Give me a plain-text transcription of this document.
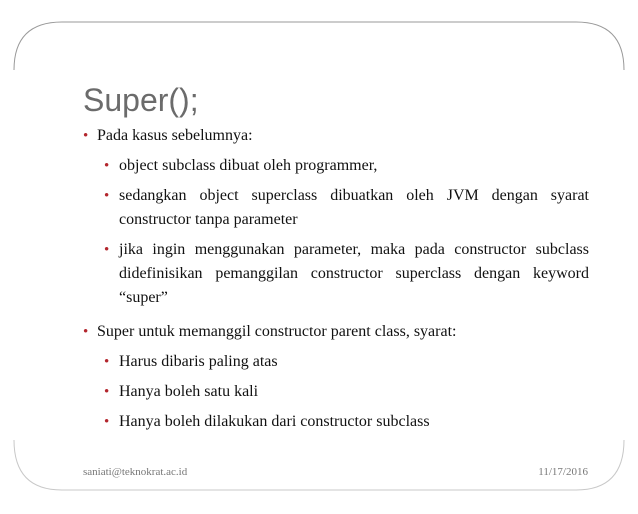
Super();
• Pada kasus sebelumnya:
• object subclass dibuat oleh programmer,
• sedangkan object superclass dibuatkan oleh JVM dengan syarat constructor tanpa parameter
• jika ingin menggunakan parameter, maka pada constructor subclass didefinisikan pemanggilan constructor superclass dengan keyword “super”
• Super untuk memanggil constructor parent class, syarat:
• Harus dibaris paling atas
• Hanya boleh satu kali
• Hanya boleh dilakukan dari constructor subclass
saniati@teknokrat.ac.id	11/17/2016
